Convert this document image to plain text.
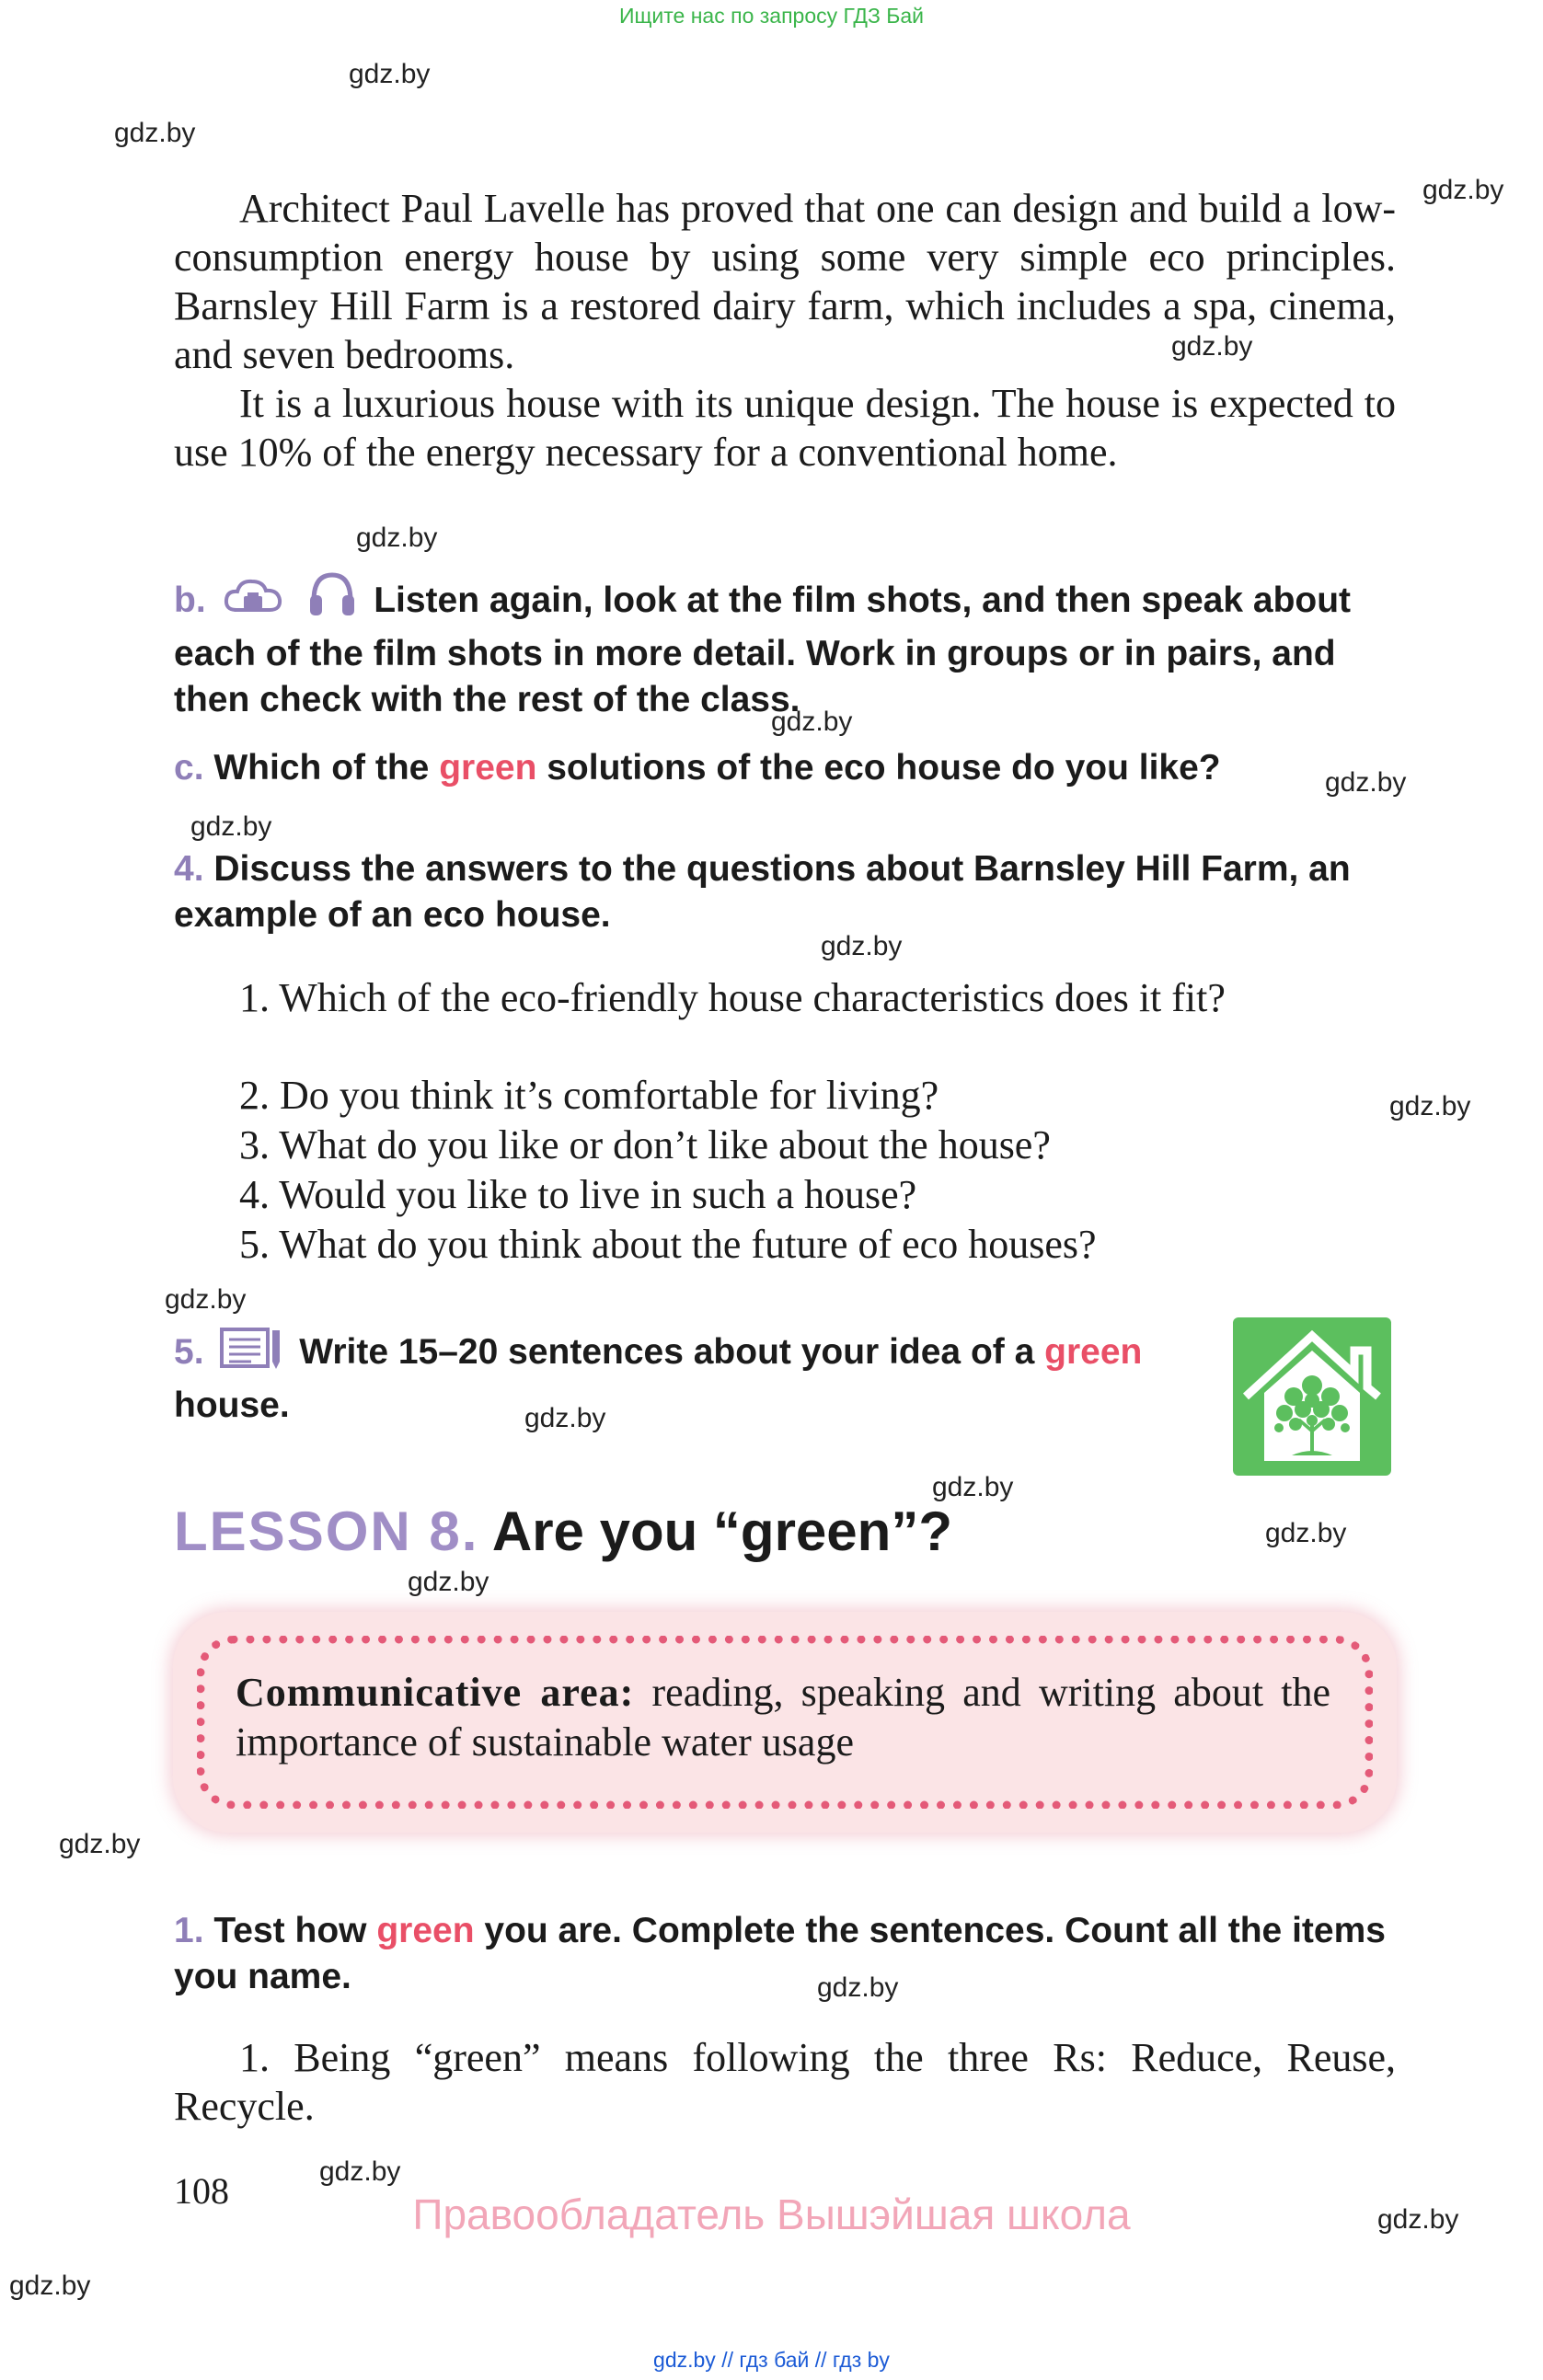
Ищите нас по запросу ГДЗ Бай
gdz.by
gdz.by
gdz.by
gdz.by
gdz.by
gdz.by
gdz.by
gdz.by
gdz.by
gdz.by
gdz.by
gdz.by
gdz.by
gdz.by
gdz.by
gdz.by
gdz.by
gdz.by
gdz.by
gdz.by
Architect Paul Lavelle has proved that one can design and build a low-consumption energy house by using some very simple eco principles. Barnsley Hill Farm is a restored dairy farm, which includes a spa, cinema, and seven bedrooms.
It is a luxurious house with its unique design. The house is expected to use 10% of the energy necessary for a conventional home.
b.	Listen again, look at the film shots, and then speak about each of the film shots in more detail. Work in groups or in pairs, and then check with the rest of the class.
c. Which of the green solutions of the eco house do you like?
4. Discuss the answers to the questions about Barnsley Hill Farm, an example of an eco house.
1. Which of the eco-friendly house characteristics does it fit?
2. Do you think it’s comfortable for living?
3. What do you like or don’t like about the house?
4. Would you like to live in such a house?
5. What do you think about the future of eco houses?
5.	Write 15–20 sentences about your idea of a green house.
LESSON 8. Are you “green”?
Communicative area: reading, speaking and writing about the importance of sustainable water usage
1. Test how green you are. Complete the sentences. Count all the items you name.
1. Being “green” means following the three Rs: Reduce, Reuse, Recycle.
108	Правообладатель Вышэйшая школа
gdz.by // гдз бай // гдз by
